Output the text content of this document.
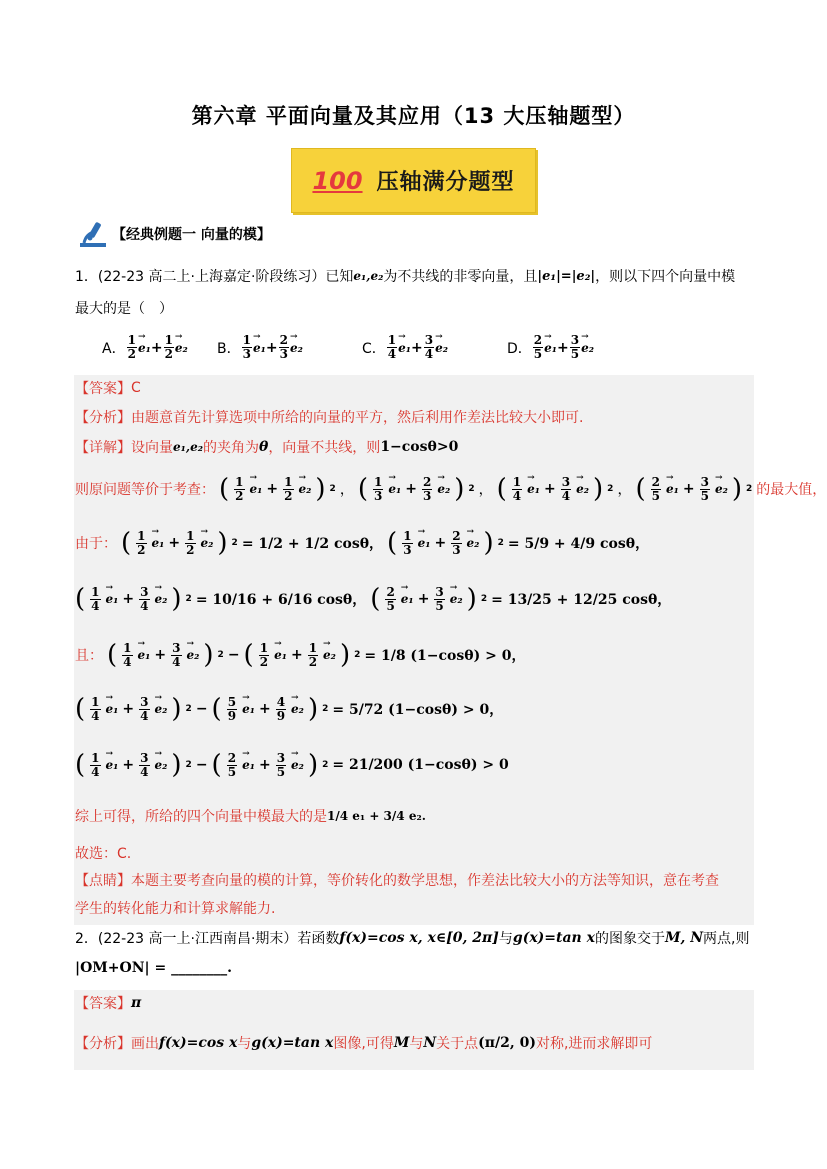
第六章 平面向量及其应用（13 大压轴题型）
100 压轴满分题型
【经典例题一 向量的模】
1．(22-23 高二上·上海嘉定·阶段练习）已知 e₁,e₂ 为不共线的非零向量，且 |e₁|=|e₂| ，则以下四个向量中模
最大的是（　）
A． $\frac{1}{2}$
→ $e_1 + \frac{1}{2}$
→ e₂ B． $\frac{1}{3}$
→ $e_1 + \frac{2}{3}$
→ e₂	C． $\frac{1}{4}$
→ $e_1 + \frac{3}{4}$
→ e₂	D． $\frac{2}{5}$
→ $e_1 + \frac{3}{5}$
→ e₂
【答案】 C
【分析】 由题意首先计算选项中所给的向量的平方，然后利用作差法比较大小即可.
【详解】 设向量 e₁,e₂ 的夹角为 θ ，向量不共线，则 1−cosθ>0
则原问题等价于考查： ( $\frac{1}{2}$
→ $e_1 + \frac{1}{2}$
→ e₂ ) 2 ， ( $\frac{1}{3}$
→ $e_1 + \frac{2}{3}$
→ e₂ ) 2 ， ( $\frac{1}{4}$
→ $e_1 + \frac{3}{4}$
→ e₂ ) 2 ， ( $\frac{2}{5}$
→ $e_1 + \frac{3}{5}$
→ e₂ ) 2 的最大值，
由于： ( $\frac{1}{2}$
→ $e_1 + \frac{1}{2}$
→ e₂ ) 2 = 1/2 + 1/2 cosθ， ( $\frac{1}{3}$
→ $e_1 + \frac{2}{3}$
→ e₂ ) 2 = 5/9 + 4/9 cosθ，
( $\frac{1}{4}$
→ $e_1 + \frac{3}{4}$
→ e₂ ) 2 = 10/16 + 6/16 cosθ， ( $\frac{2}{5}$
→ $e_1 + \frac{3}{5}$
→ e₂ ) 2 = 13/25 + 12/25 cosθ，
且： ( $\frac{1}{4}$
→ $e_1 + \frac{3}{4}$
→ e₂ ) 2 − ( $\frac{1}{2}$
→ $e_1 + \frac{1}{2}$
→ e₂ ) 2 = 1/8 (1−cosθ) > 0，
( $\frac{1}{4}$
→ $e_1 + \frac{3}{4}$
→ e₂ ) 2 − ( $\frac{5}{9}$
→ $e_1 + \frac{4}{9}$
→ e₂ ) 2 = 5/72 (1−cosθ) > 0，
( $\frac{1}{4}$
→ $e_1 + \frac{3}{4}$
→ e₂ ) 2 − ( $\frac{2}{5}$
→ $e_1 + \frac{3}{5}$
→ e₂ ) 2 = 21/200 (1−cosθ) > 0
综上可得，所给的四个向量中模最大的是 1/4 e₁ + 3/4 e₂.
故选：C.
【点睛】 本题主要考查向量的模的计算，等价转化的数学思想，作差法比较大小的方法等知识，意在考查
学生的转化能力和计算求解能力.
2．(22-23 高一上·江西南昌·期末）若函数 f(x)=cos x, x∈[0, 2π] 与 g(x)=tan x 的图象交于 M, N 两点,则
|OM+ON| = ________.
【答案】 π
【分析】 画出 f(x)=cos x 与 g(x)=tan x 图像,可得 M 与 N 关于点 (π/2, 0) 对称,进而求解即可
